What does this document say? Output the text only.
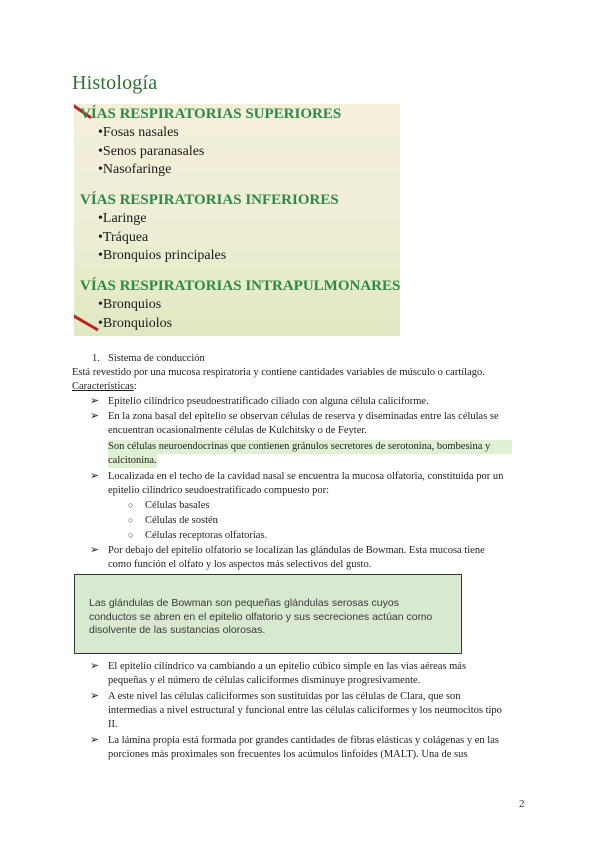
Histología
VÍAS RESPIRATORIAS SUPERIORES
•Fosas nasales
•Senos paranasales
•Nasofaringe
VÍAS RESPIRATORIAS INFERIORES
•Laringe
•Tráquea
•Bronquios principales
VÍAS RESPIRATORIAS INTRAPULMONARES
•Bronquios
•Bronquiolos
1. Sistema de conducción
Está revestido por una mucosa respiratoria y contiene cantidades variables de músculo o cartílago.
Características:
➢ Epitelio cilíndrico pseudoestratificado ciliado con alguna célula caliciforme.
➢ En la zona basal del epitelio se observan células de reserva y diseminadas entre las células se
encuentran ocasionalmente células de Kulchitsky o de Feyter.
Son células neuroendocrinas que contienen gránulos secretores de serotonina, bombesina y
calcitonina.
➢ Localizada en el techo de la cavidad nasal se encuentra la mucosa olfatoria, constituida por un
epitelio cilíndrico seudoestratificado compuesto por:
○ Células basales
○ Células de sostén
○ Células receptoras olfatorias.
➢ Por debajo del epitelio olfatorio se localizan las glándulas de Bowman. Esta mucosa tiene
como función el olfato y los aspectos más selectivos del gusto.
Las glándulas de Bowman son pequeñas glándulas serosas cuyos conductos se abren en el epitelio olfatorio y sus secreciones actúan como disolvente de las sustancias olorosas.
➢ El epitelio cilíndrico va cambiando a un epitelio cúbico simple en las vías aéreas más
pequeñas y el número de células caliciformes disminuye progresivamente.
➢ A este nivel las células caliciformes son sustituidas por las células de Clara, que son
intermedias a nivel estructural y funcional entre las células caliciformes y los neumocitos tipo
II.
➢ La lámina propia está formada por grandes cantidades de fibras elásticas y colágenas y en las
porciones más proximales son frecuentes los acúmulos linfoides (MALT). Una de sus
2
